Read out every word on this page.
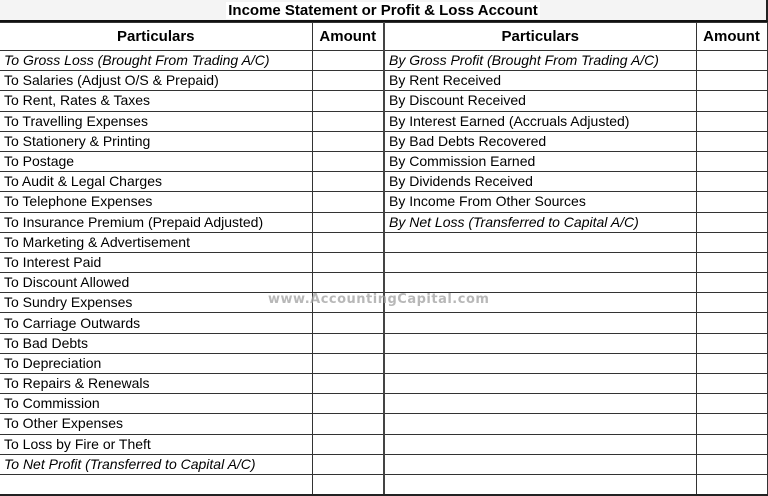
Income Statement or Profit & Loss Account
Particulars	Amount	Particulars	Amount
To Gross Loss (Brought From Trading A/C)		By Gross Profit (Brought From Trading A/C)	
To Salaries (Adjust O/S & Prepaid)		By Rent Received	
To Rent, Rates & Taxes		By Discount Received	
To Travelling Expenses		By Interest Earned (Accruals Adjusted)	
To Stationery & Printing		By Bad Debts Recovered	
To Postage		By Commission Earned	
To Audit & Legal Charges		By Dividends Received	
To Telephone Expenses		By Income From Other Sources	
To Insurance Premium (Prepaid Adjusted)		By Net Loss (Transferred to Capital A/C)	
To Marketing & Advertisement			
To Interest Paid			
To Discount Allowed			
To Sundry Expenses			
To Carriage Outwards			
To Bad Debts			
To Depreciation			
To Repairs & Renewals			
To Commission			
To Other Expenses			
To Loss by Fire or Theft			
To Net Profit (Transferred to Capital A/C)			

www.AccountingCapital.com
